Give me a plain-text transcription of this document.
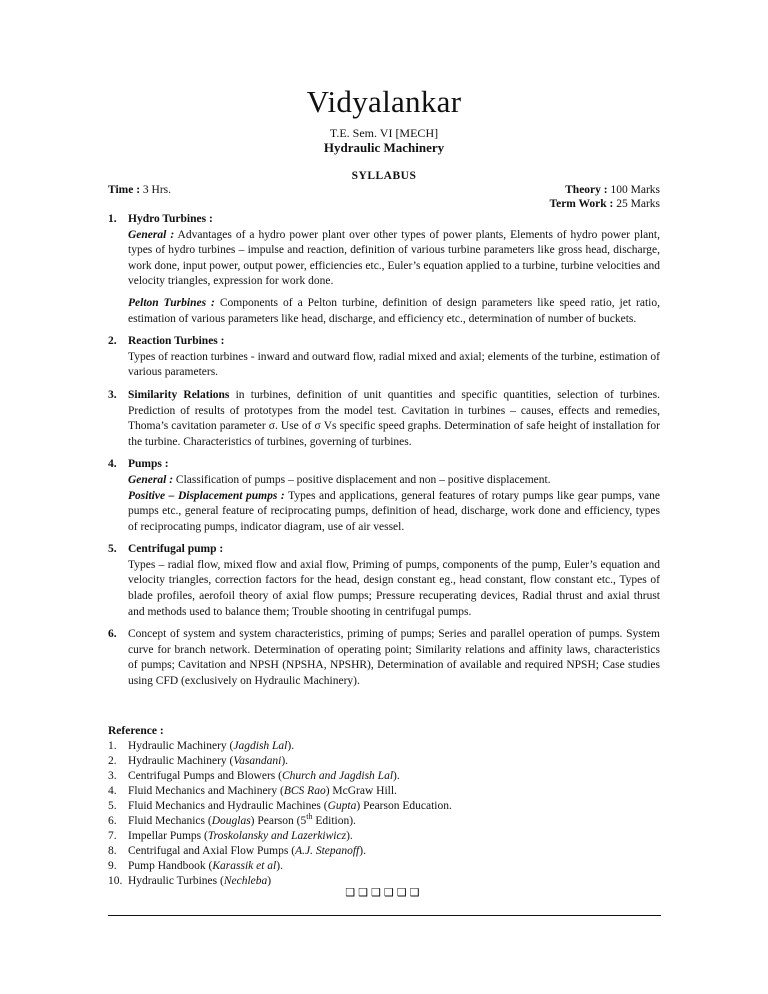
Vidyalankar
T.E. Sem. VI [MECH]
Hydraulic Machinery
SYLLABUS
Time : 3 Hrs.	Theory : 100 Marks
Term Work : 25 Marks
1. Hydro Turbines :
General : Advantages of a hydro power plant over other types of power plants, Elements of hydro power plant, types of hydro turbines – impulse and reaction, definition of various turbine parameters like gross head, discharge, work done, input power, output power, efficiencies etc., Euler’s equation applied to a turbine, turbine velocities and velocity triangles, expression for work done.
Pelton Turbines : Components of a Pelton turbine, definition of design parameters like speed ratio, jet ratio, estimation of various parameters like head, discharge, and efficiency etc., determination of number of buckets.
2. Reaction Turbines :
Types of reaction turbines - inward and outward flow, radial mixed and axial; elements of the turbine, estimation of various parameters.
3. Similarity Relations in turbines, definition of unit quantities and specific quantities, selection of turbines. Prediction of results of prototypes from the model test. Cavitation in turbines – causes, effects and remedies, Thoma’s cavitation parameter σ. Use of σ Vs specific speed graphs. Determination of safe height of installation for the turbine. Characteristics of turbines, governing of turbines.
4. Pumps :
General : Classification of pumps – positive displacement and non – positive displacement.
Positive – Displacement pumps : Types and applications, general features of rotary pumps like gear pumps, vane pumps etc., general feature of reciprocating pumps, definition of head, discharge, work done and efficiency, types of reciprocating pumps, indicator diagram, use of air vessel.
5. Centrifugal pump :
Types – radial flow, mixed flow and axial flow, Priming of pumps, components of the pump, Euler’s equation and velocity triangles, correction factors for the head, design constant eg., head constant, flow constant etc., Types of blade profiles, aerofoil theory of axial flow pumps; Pressure recuperating devices, Radial thrust and axial thrust and methods used to balance them; Trouble shooting in centrifugal pumps.
6. Concept of system and system characteristics, priming of pumps; Series and parallel operation of pumps. System curve for branch network. Determination of operating point; Similarity relations and affinity laws, characteristics of pumps; Cavitation and NPSH (NPSHA, NPSHR), Determination of available and required NPSH; Case studies using CFD (exclusively on Hydraulic Machinery).
Reference :
1. Hydraulic Machinery (Jagdish Lal).
2. Hydraulic Machinery (Vasandani).
3. Centrifugal Pumps and Blowers (Church and Jagdish Lal).
4. Fluid Mechanics and Machinery (BCS Rao) McGraw Hill.
5. Fluid Mechanics and Hydraulic Machines (Gupta) Pearson Education.
6. Fluid Mechanics (Douglas) Pearson (5th Edition).
7. Impellar Pumps (Troskolansky and Lazerkiwicz).
8. Centrifugal and Axial Flow Pumps (A.J. Stepanoff).
9. Pump Handbook (Karassik et al).
10. Hydraulic Turbines (Nechleba)
❑❑❑❑❑❑
